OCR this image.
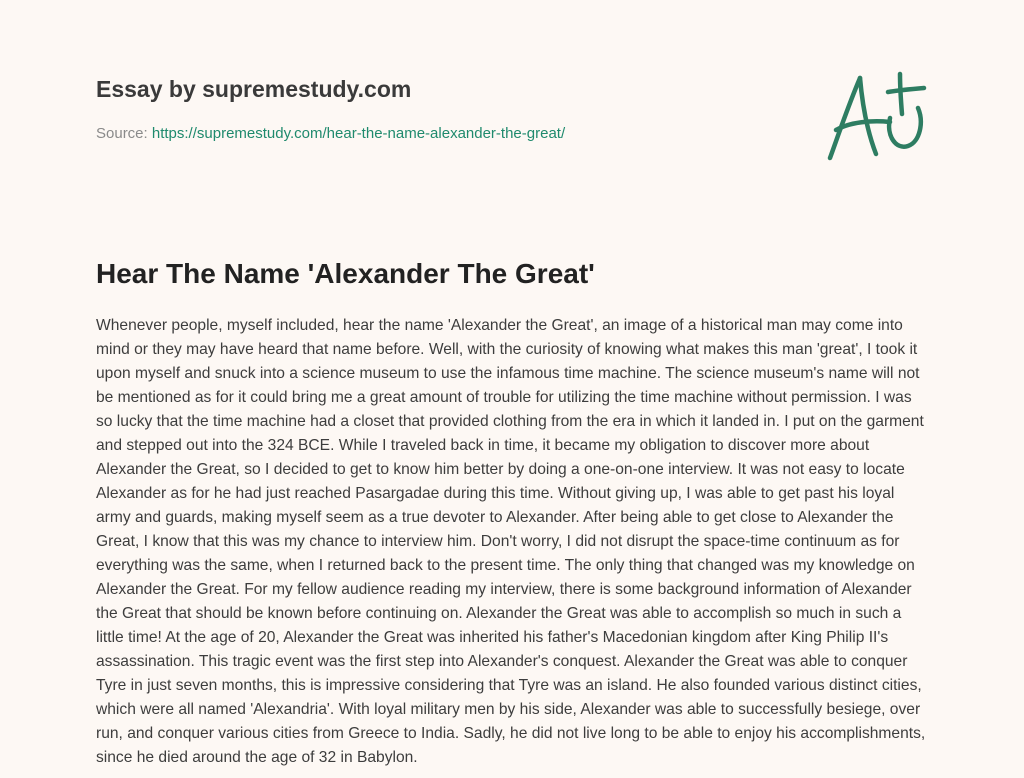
Essay by supremestudy.com
Source: https://supremestudy.com/hear-the-name-alexander-the-great/
Hear The Name 'Alexander The Great'

Whenever people, myself included, hear the name 'Alexander the Great', an image of a historical man may come into mind or they may have heard that name before. Well, with the curiosity of knowing what makes this man 'great', I took it upon myself and snuck into a science museum to use the infamous time machine. The science museum's name will not be mentioned as for it could bring me a great amount of trouble for utilizing the time machine without permission. I was so lucky that the time machine had a closet that provided clothing from the era in which it landed in. I put on the garment and stepped out into the 324 BCE. While I traveled back in time, it became my obligation to discover more about Alexander the Great, so I decided to get to know him better by doing a one-on-one interview. It was not easy to locate Alexander as for he had just reached Pasargadae during this time. Without giving up, I was able to get past his loyal army and guards, making myself seem as a true devoter to Alexander. After being able to get close to Alexander the Great, I know that this was my chance to interview him. Don't worry, I did not disrupt the space-time continuum as for everything was the same, when I returned back to the present time. The only thing that changed was my knowledge on Alexander the Great. For my fellow audience reading my interview, there is some background information of Alexander the Great that should be known before continuing on. Alexander the Great was able to accomplish so much in such a little time! At the age of 20, Alexander the Great was inherited his father's Macedonian kingdom after King Philip II's assassination. This tragic event was the first step into Alexander's conquest. Alexander the Great was able to conquer Tyre in just seven months, this is impressive considering that Tyre was an island. He also founded various distinct cities, which were all named 'Alexandria'. With loyal military men by his side, Alexander was able to successfully besiege, over run, and conquer various cities from Greece to India. Sadly, he did not live long to be able to enjoy his accomplishments, since he died around the age of 32 in Babylon.
